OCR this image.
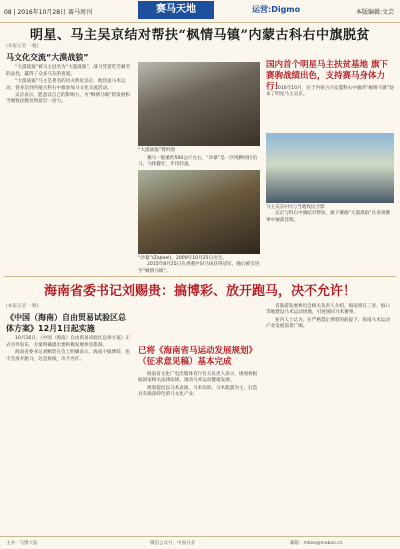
08 | 2016年10月28日 赛马周刊	赛马天地	运营:Digmo	本版编辑:文芸
明星、马主吴京结对帮扶“枫情马镇”内蒙古科右中旗脱贫
(本报记者 一帆)
马文化交流“大漠战狼”

“大漠战狼”被马主冠名为“大漠战狼”，战马凭着吃苦耐劳的品性，赢得了众多马友的喜爱。

“大漠战狼”马主是著名的功夫明星吴京，他热衷马术运动，曾多次到内蒙古科右中旗参加马文化交流活动。

吴京表示，愿意以自己的影响力，为“枫情马镇”的发展和当地牧民脱贫致富出一份力。

“大漠战狼”资料图

赛马一般重约500公斤左右，“沙暴”是一匹纯种阿拉伯马，马体健壮，步伐轻盈。

“沙暴”(Zabeel)，2000年10月25日出生。

2015年8月25日在香港沙田马场获得冠军，随后被引进至“枫情马镇”。

国内首个明星马主扶贫基地 旗下赛驹战绩出色，支持赛马身体力行！

2016年10月，位于内蒙古兴安盟科右中旗的“枫情马镇”迎来了明星马主吴京。

马主吴京(中)与当地牧民合影

吴京与科右中旗结对帮扶，旗下赛驹“大漠战狼”在多项赛事中屡获佳绩。

海南省委书记刘赐贵：搞博彩、放开跑马，决不允许！
(本报记者 一帆)
《中国（海南）自由贸易试验区总体方案》12月1日起实施

10月16日，《中国（海南）自由贸易试验区总体方案》正式对外发布，方案明确提出要积极发展体育旅游。

海南省委书记刘赐贵在会上明确表示，海南不搞博彩，也不会放开跑马，这是底线，决不允许。

已将《海南省马运动发展规划》（征求意见稿）基本完成

海南省文化广电出版体育厅有关负责人表示，规划将根据国家相关法律法规，推动马术运动健康发展。

规划提出以马术表演、马术培训、马术旅游为主，打造具有海南特色的马文化产业。

省旅游发展委员会相关负责人介绍，海南将在三亚、海口等地建设马术运动场地，引进国际马术赛事。

业内人士认为，在严格禁止博彩的前提下，海南马术运动产业发展前景广阔。

主办：马情人报	微信公众号：中国马业	邮箱：mbox@mabox.cn
